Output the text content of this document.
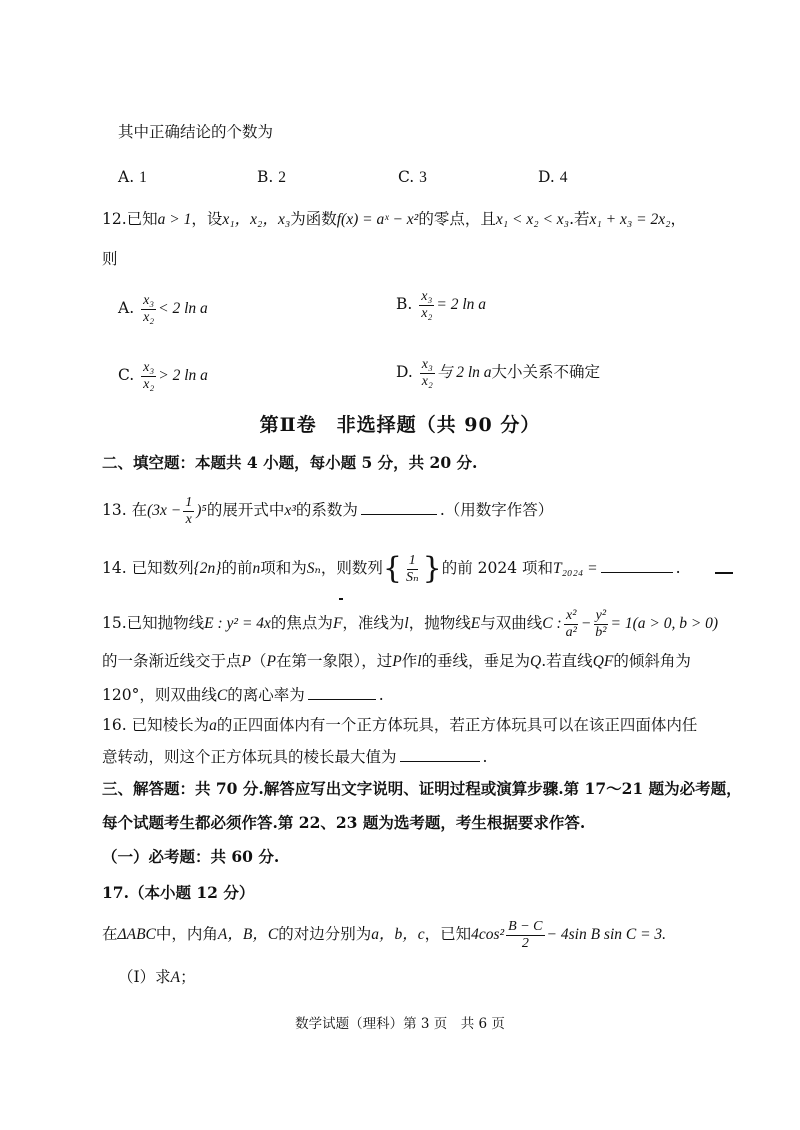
其中正确结论的个数为
A. 1	B. 2	C. 3	D. 4
12.已知a > 1，设x₁，x₂，x₃为函数f(x) = aˣ − x²的零点，且x₁ < x₂ < x₃.若x₁ + x₃ = 2x₂，
则
A. $\frac{\text{x₃}}{\text{x₂}} < 2$ ln a	B. $\frac{\text{x₃}}{\text{x₂}} = 2$ ln a
C. $\frac{\text{x₃}}{\text{x₂}} > 2$ ln a	D. $\frac{\text{x₃}}{\text{x₂}}$ 与 2 ln a大小关系不确定
第Ⅱ卷　非选择题（共 90 分）
二、填空题：本题共 4 小题，每小题 5 分，共 20 分.
13. 在$(3x - \frac{1}{x} )^5$的展开式中x³的系数为	.（用数字作答）
14. 已知数列{2n}的前n项和为Sₙ，则数列{ $\frac{1}{\text{Sₙ}}$ }的前 2024 项和T₂₀₂₄ =	.
15.已知抛物线E : y² = 4x的焦点为F，准线为l，抛物线E与双曲线C : $\frac{\text{x²}}{\text{a²}} - \frac{\text{y²}}{\text{b²}} = 1(a > 0$, b > 0)
的一条渐近线交于点P（P在第一象限），过P作l的垂线，垂足为Q.若直线QF的倾斜角为
120°，则双曲线C的离心率为	.
16. 已知棱长为a的正四面体内有一个正方体玩具，若正方体玩具可以在该正四面体内任
意转动，则这个正方体玩具的棱长最大值为	.
三、解答题：共 70 分.解答应写出文字说明、证明过程或演算步骤.第 17～21 题为必考题，
每个试题考生都必须作答.第 22、23 题为选考题，考生根据要求作答.
（一）必考题：共 60 分.
17.（本小题 12 分）
在ΔABC中，内角A，B，C的对边分别为a，b，c，已知$4\cos^2 \frac{B - C}{2} - 4\sin$ B sin C = 3.
（Ⅰ）求A；
数学试题（理科）第 3 页　共 6 页
